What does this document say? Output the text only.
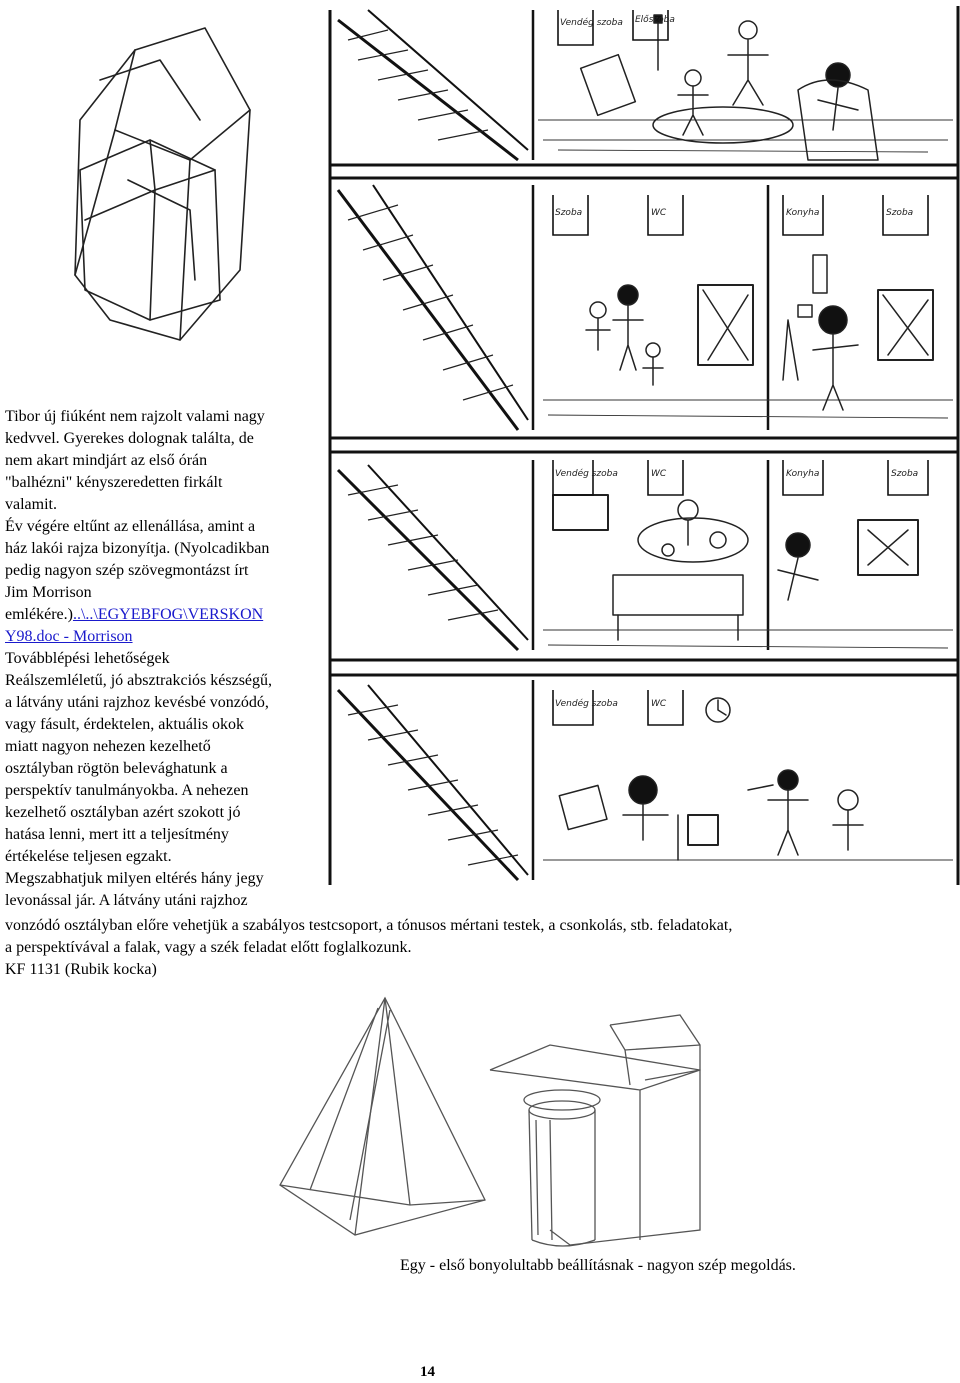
Vendég szoba Előszoba
Szoba	WC	Konyha	Szoba
Vendég szoba	WC	Konyha	Szoba
Vendég szoba	WC
Tibor új fiúként nem rajzolt valami nagy
kedvvel. Gyerekes dolognak találta, de
nem akart mindjárt az első órán
"balhézni" kényszeredetten firkált
valamit.
Év végére eltűnt az ellenállása, amint a
ház lakói rajza bizonyítja. (Nyolcadikban
pedig nagyon szép szövegmontázst írt
Jim Morrison
emlékére.)..\..\EGYEBFOG\VERSKON
Y98.doc - Morrison
Továbblépési lehetőségek
Reálszemléletű, jó absztrakciós készségű,
a látvány utáni rajzhoz kevésbé vonzódó,
vagy fásult, érdektelen, aktuális okok
miatt nagyon nehezen kezelhető
osztályban rögtön belevághatunk a
perspektív tanulmányokba. A nehezen
kezelhető osztályban azért szokott jó
hatása lenni, mert itt a teljesítmény
értékelése teljesen egzakt.
Megszabhatjuk milyen eltérés hány jegy
levonással jár. A látvány utáni rajzhoz
vonzódó osztályban előre vehetjük a szabályos testcsoport, a tónusos mértani testek, a csonkolás, stb. feladatokat,
a perspektívával a falak, vagy a szék feladat előtt foglalkozunk.
KF 1131 (Rubik kocka)
Egy - első bonyolultabb beállításnak - nagyon szép megoldás.
14
